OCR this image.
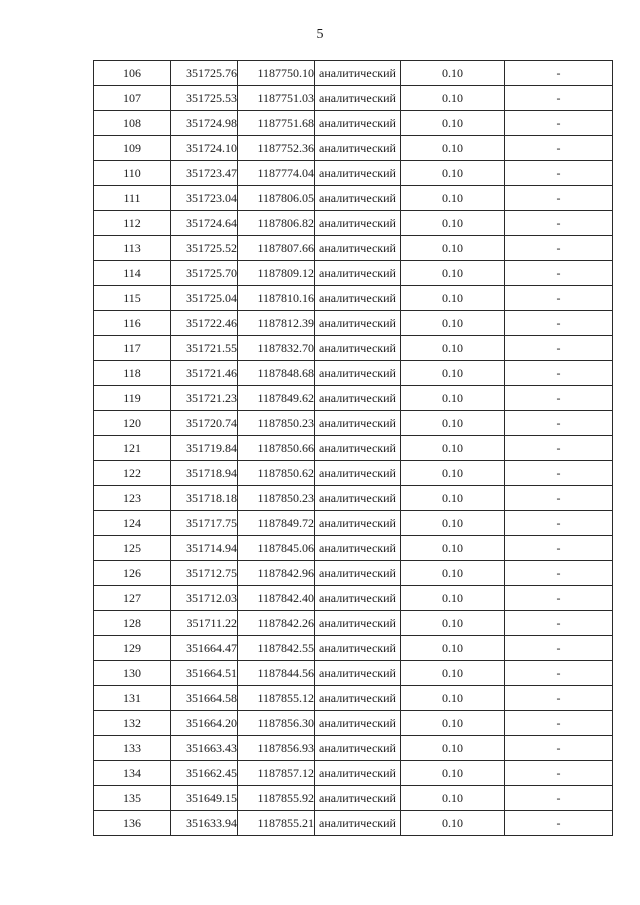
5
106	351725.76	1187750.10	аналитический	0.10	-
107	351725.53	1187751.03	аналитический	0.10	-
108	351724.98	1187751.68	аналитический	0.10	-
109	351724.10	1187752.36	аналитический	0.10	-
110	351723.47	1187774.04	аналитический	0.10	-
111	351723.04	1187806.05	аналитический	0.10	-
112	351724.64	1187806.82	аналитический	0.10	-
113	351725.52	1187807.66	аналитический	0.10	-
114	351725.70	1187809.12	аналитический	0.10	-
115	351725.04	1187810.16	аналитический	0.10	-
116	351722.46	1187812.39	аналитический	0.10	-
117	351721.55	1187832.70	аналитический	0.10	-
118	351721.46	1187848.68	аналитический	0.10	-
119	351721.23	1187849.62	аналитический	0.10	-
120	351720.74	1187850.23	аналитический	0.10	-
121	351719.84	1187850.66	аналитический	0.10	-
122	351718.94	1187850.62	аналитический	0.10	-
123	351718.18	1187850.23	аналитический	0.10	-
124	351717.75	1187849.72	аналитический	0.10	-
125	351714.94	1187845.06	аналитический	0.10	-
126	351712.75	1187842.96	аналитический	0.10	-
127	351712.03	1187842.40	аналитический	0.10	-
128	351711.22	1187842.26	аналитический	0.10	-
129	351664.47	1187842.55	аналитический	0.10	-
130	351664.51	1187844.56	аналитический	0.10	-
131	351664.58	1187855.12	аналитический	0.10	-
132	351664.20	1187856.30	аналитический	0.10	-
133	351663.43	1187856.93	аналитический	0.10	-
134	351662.45	1187857.12	аналитический	0.10	-
135	351649.15	1187855.92	аналитический	0.10	-
136	351633.94	1187855.21	аналитический	0.10	-
